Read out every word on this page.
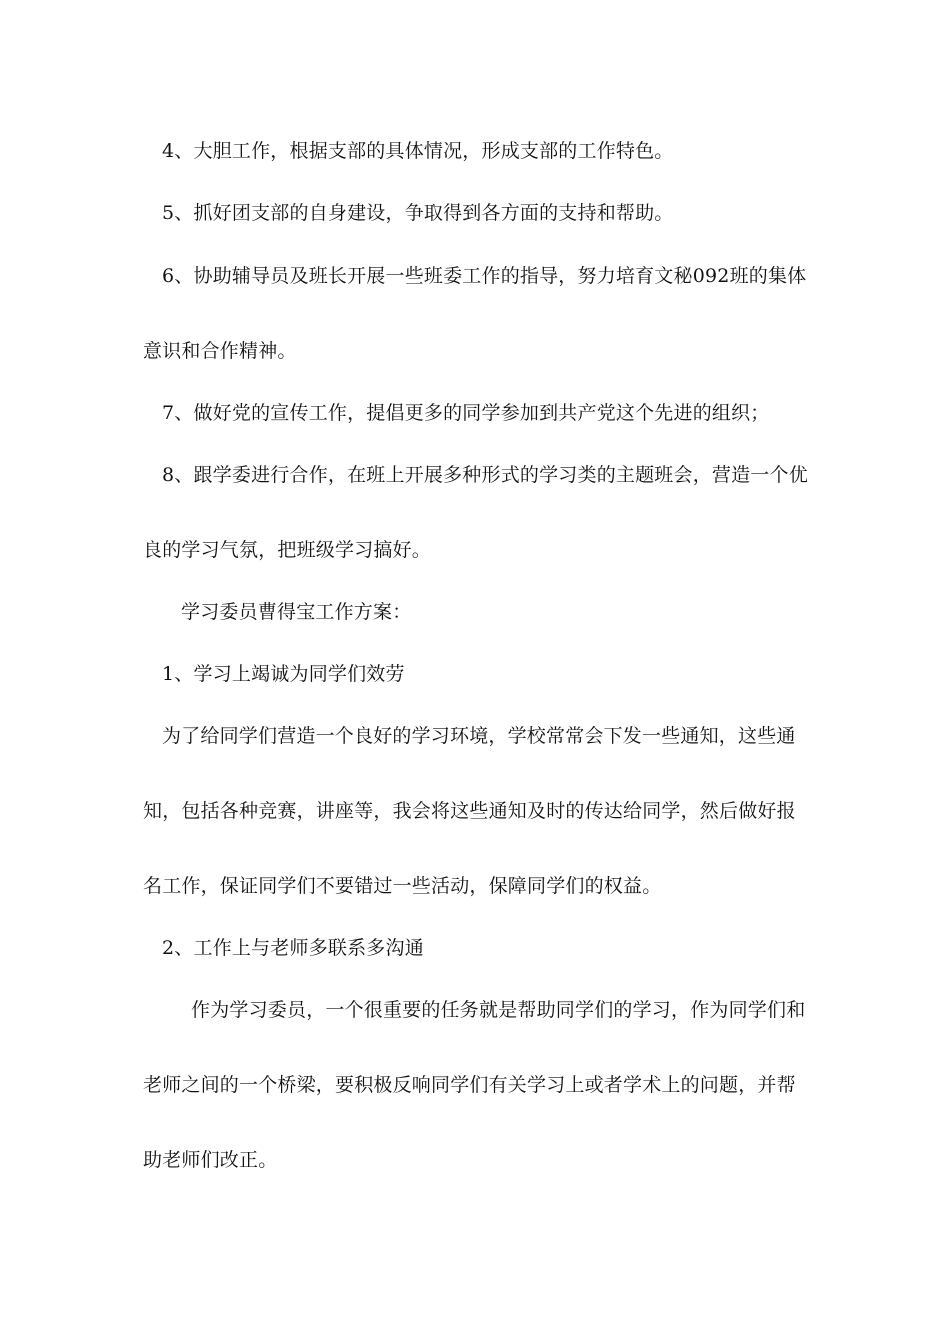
4、大胆工作，根据支部的具体情况，形成支部的工作特色。
5、抓好团支部的自身建设，争取得到各方面的支持和帮助。
6、协助辅导员及班长开展一些班委工作的指导，努力培育文秘092班的集体
意识和合作精神。
7、做好党的宣传工作，提倡更多的同学参加到共产党这个先进的组织；
8、跟学委进行合作，在班上开展多种形式的学习类的主题班会，营造一个优
良的学习气氛，把班级学习搞好。
学习委员曹得宝工作方案：
1、学习上竭诚为同学们效劳
为了给同学们营造一个良好的学习环境，学校常常会下发一些通知，这些通
知，包括各种竞赛，讲座等，我会将这些通知及时的传达给同学，然后做好报
名工作，保证同学们不要错过一些活动，保障同学们的权益。
2、工作上与老师多联系多沟通
作为学习委员，一个很重要的任务就是帮助同学们的学习，作为同学们和
老师之间的一个桥梁，要积极反响同学们有关学习上或者学术上的问题，并帮
助老师们改正。
